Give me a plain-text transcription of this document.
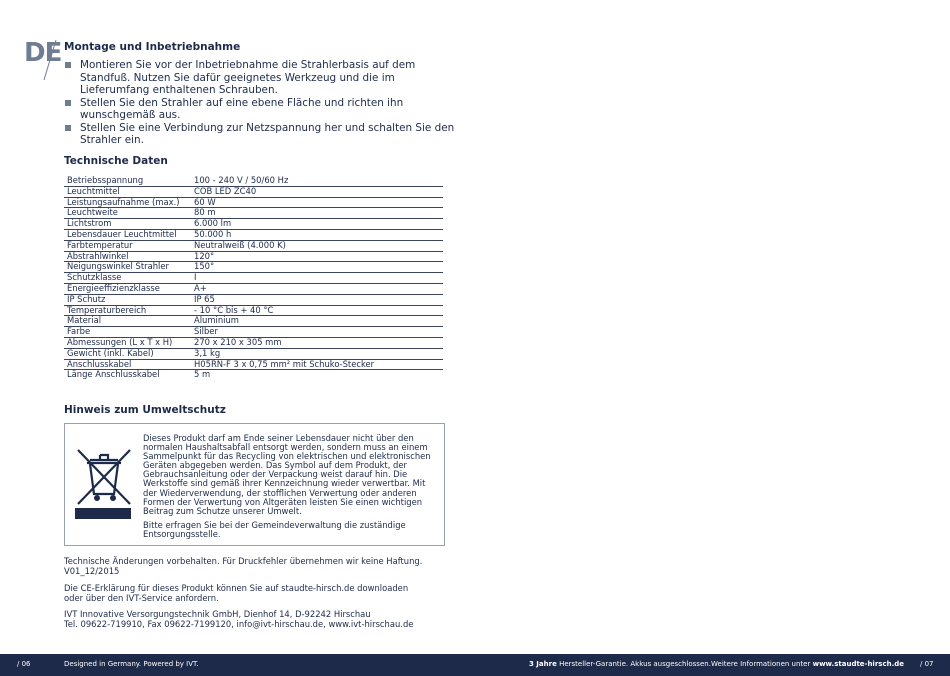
DE Montage und Inbetriebnahme
Montieren Sie vor der Inbetriebnahme die Strahlerbasis auf dem Standfuß. Nutzen Sie dafür geeignetes Werkzeug und die im Lieferumfang enthaltenen Schrauben.
Stellen Sie den Strahler auf eine ebene Fläche und richten ihn wunschgemäß aus.
Stellen Sie eine Verbindung zur Netzspannung her und schalten Sie den Strahler ein.
Technische Daten
Betriebsspannung	100 - 240 V / 50/60 Hz
Leuchtmittel	COB LED ZC40
Leistungsaufnahme (max.)	60 W
Leuchtweite	80 m
Lichtstrom	6.000 lm
Lebensdauer Leuchtmittel	50.000 h
Farbtemperatur	Neutralweiß (4.000 K)
Abstrahlwinkel	120°
Neigungswinkel Strahler	150°
Schutzklasse	I
Energieeffizienzklasse	A+
IP Schutz	IP 65
Temperaturbereich	- 10 °C bis + 40 °C
Material	Aluminium
Farbe	Silber
Abmessungen (L x T x H)	270 x 210 x 305 mm
Gewicht (inkl. Kabel)	3,1 kg
Anschlusskabel	H05RN-F 3 x 0,75 mm² mit Schuko-Stecker
Länge Anschlusskabel	5 m
Hinweis zum Umweltschutz

Dieses Produkt darf am Ende seiner Lebensdauer nicht über den normalen Haushaltsabfall entsorgt werden, sondern muss an einem Sammelpunkt für das Recycling von elektrischen und elektronischen Geräten abgegeben werden. Das Symbol auf dem Produkt, der Gebrauchsanleitung oder der Verpackung weist darauf hin. Die Werkstoffe sind gemäß ihrer Kennzeichnung wieder verwertbar. Mit der Wiederverwendung, der stofflichen Verwertung oder anderen Formen der Verwertung von Altgeräten leisten Sie einen wichtigen Beitrag zum Schutze unserer Umwelt.

Bitte erfragen Sie bei der Gemeindeverwaltung die zuständige Entsorgungsstelle.

Technische Änderungen vorbehalten. Für Druckfehler übernehmen wir keine Haftung. V01_12/2015

Die CE-Erklärung für dieses Produkt können Sie auf staudte-hirsch.de downloaden oder über den IVT-Service anfordern.

IVT Innovative Versorgungstechnik GmbH, Dienhof 14, D-92242 Hirschau

Tel. 09622-719910, Fax 09622-7199120, info@ivt-hirschau.de, www.ivt-hirschau.de

/ 06	Designed in Germany. Powered by IVT.	3 Jahre Hersteller-Garantie. Akkus ausgeschlossen. Weitere Informationen unter www.staudte-hirsch.de / 07
